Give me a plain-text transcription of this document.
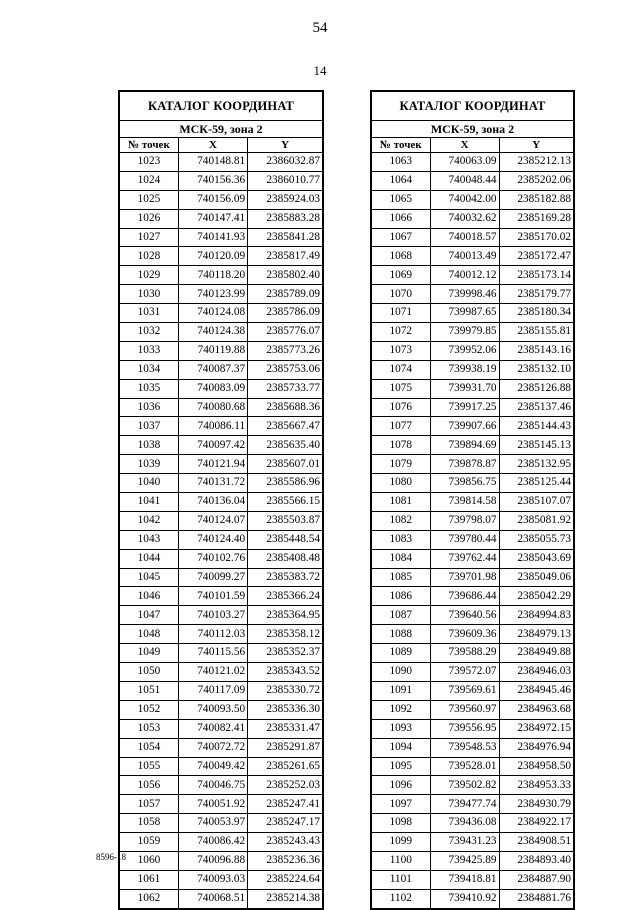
54
14
КАТАЛОГ КООРДИНАТ		
МСК-59, зона 2		
№ точек	X	Y
1023	740148.81	2386032.87
1024	740156.36	2386010.77
1025	740156.09	2385924.03
1026	740147.41	2385883.28
1027	740141.93	2385841.28
1028	740120.09	2385817.49
1029	740118.20	2385802.40
1030	740123.99	2385789.09
1031	740124.08	2385786.09
1032	740124.38	2385776.07
1033	740119.88	2385773.26
1034	740087.37	2385753.06
1035	740083.09	2385733.77
1036	740080.68	2385688.36
1037	740086.11	2385667.47
1038	740097.42	2385635.40
1039	740121.94	2385607.01
1040	740131.72	2385586.96
1041	740136.04	2385566.15
1042	740124.07	2385503.87
1043	740124.40	2385448.54
1044	740102.76	2385408.48
1045	740099.27	2385383.72
1046	740101.59	2385366.24
1047	740103.27	2385364.95
1048	740112.03	2385358.12
1049	740115.56	2385352.37
1050	740121.02	2385343.52
1051	740117.09	2385330.72
1052	740093.50	2385336.30
1053	740082.41	2385331.47
1054	740072.72	2385291.87
1055	740049.42	2385261.65
1056	740046.75	2385252.03
1057	740051.92	2385247.41
1058	740053.97	2385247.17
1059	740086.42	2385243.43
1060	740096.88	2385236.36
1061	740093.03	2385224.64
1062	740068.51	2385214.38
КАТАЛОГ КООРДИНАТ		
МСК-59, зона 2		
№ точек	X	Y
1063	740063.09	2385212.13
1064	740048.44	2385202.06
1065	740042.00	2385182.88
1066	740032.62	2385169.28
1067	740018.57	2385170.02
1068	740013.49	2385172.47
1069	740012.12	2385173.14
1070	739998.46	2385179.77
1071	739987.65	2385180.34
1072	739979.85	2385155.81
1073	739952.06	2385143.16
1074	739938.19	2385132.10
1075	739931.70	2385126.88
1076	739917.25	2385137.46
1077	739907.66	2385144.43
1078	739894.69	2385145.13
1079	739878.87	2385132.95
1080	739856.75	2385125.44
1081	739814.58	2385107.07
1082	739798.07	2385081.92
1083	739780.44	2385055.73
1084	739762.44	2385043.69
1085	739701.98	2385049.06
1086	739686.44	2385042.29
1087	739640.56	2384994.83
1088	739609.36	2384979.13
1089	739588.29	2384949.88
1090	739572.07	2384946.03
1091	739569.61	2384945.46
1092	739560.97	2384963.68
1093	739556.95	2384972.15
1094	739548.53	2384976.94
1095	739528.01	2384958.50
1096	739502.82	2384953.33
1097	739477.74	2384930.79
1098	739436.08	2384922.17
1099	739431.23	2384908.51
1100	739425.89	2384893.40
1101	739418.81	2384887.90
1102	739410.92	2384881.76
8596-18
